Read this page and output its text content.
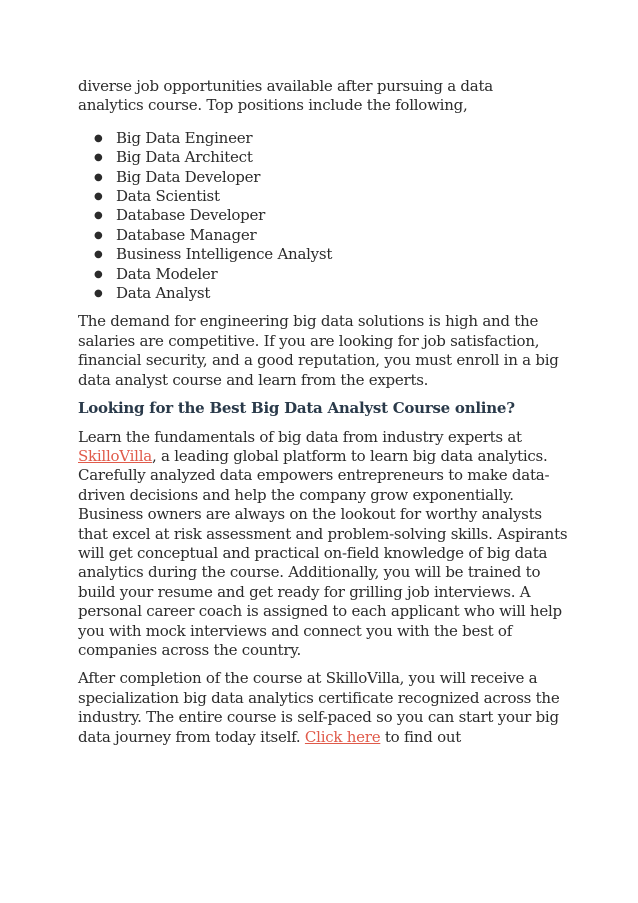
diverse job opportunities available after pursuing a data
analytics course. Top positions include the following,

● Big Data Engineer
● Big Data Architect
● Big Data Developer
● Data Scientist
● Database Developer
● Database Manager
● Business Intelligence Analyst
● Data Modeler
● Data Analyst

The demand for engineering big data solutions is high and the salaries are competitive. If you are looking for job satisfaction, financial security, and a good reputation, you must enroll in a big data analyst course and learn from the experts.

Looking for the Best Big Data Analyst Course online?

Learn the fundamentals of big data from industry experts at SkilloVilla, a leading global platform to learn big data analytics. Carefully analyzed data empowers entrepreneurs to make data-driven decisions and help the company grow exponentially. Business owners are always on the lookout for worthy analysts that excel at risk assessment and problem-solving skills. Aspirants will get conceptual and practical on-field knowledge of big data analytics during the course. Additionally, you will be trained to build your resume and get ready for grilling job interviews. A personal career coach is assigned to each applicant who will help you with mock interviews and connect you with the best of companies across the country.

After completion of the course at SkilloVilla, you will receive a specialization big data analytics certificate recognized across the industry. The entire course is self-paced so you can start your big data journey from today itself. Click here to find out
